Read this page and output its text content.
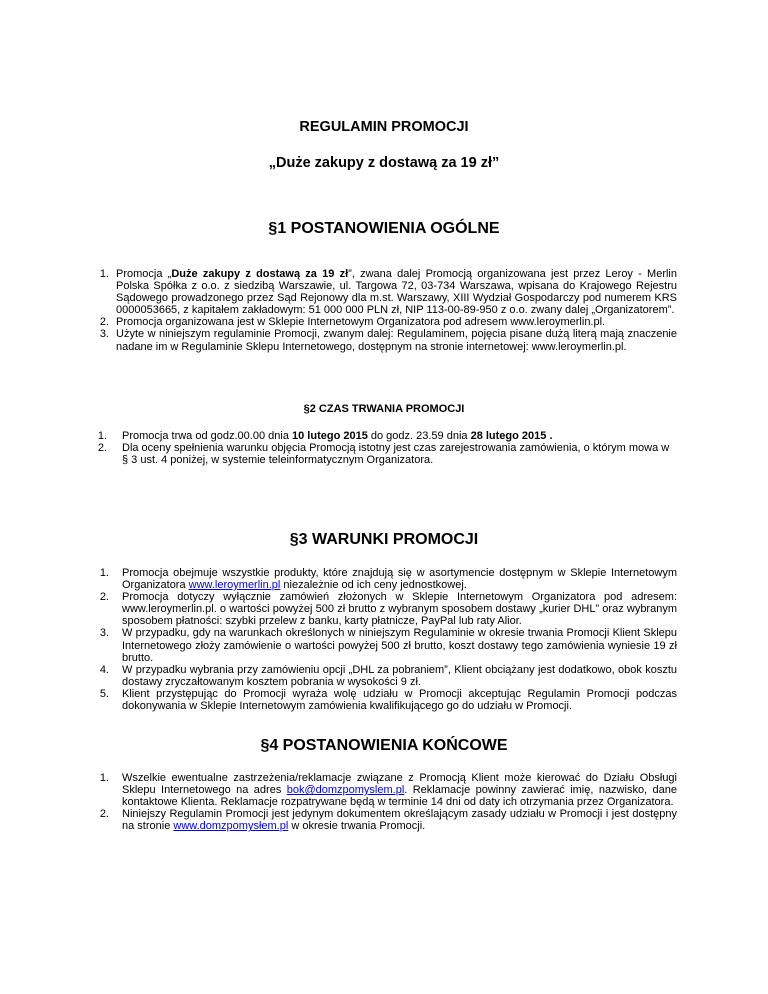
REGULAMIN PROMOCJI
„Duże zakupy z dostawą za 19 zł”
§1 POSTANOWIENIA OGÓLNE
1. Promocja „Duże zakupy z dostawą za 19 zł”, zwana dalej Promocją organizowana jest przez Leroy - Merlin Polska Spółka z o.o. z siedzibą Warszawie, ul. Targowa 72, 03-734 Warszawa, wpisana do Krajowego Rejestru Sądowego prowadzonego przez Sąd Rejonowy dla m.st. Warszawy, XIII Wydział Gospodarczy pod numerem KRS 0000053665, z kapitałem zakładowym: 51 000 000 PLN zł, NIP 113-00-89-950 z o.o. zwany dalej „Organizatorem”.
2. Promocja organizowana jest w Sklepie Internetowym Organizatora pod adresem www.leroymerlin.pl.
3. Użyte w niniejszym regulaminie Promocji, zwanym dalej: Regulaminem, pojęcia pisane dużą literą mają znaczenie nadane im w Regulaminie Sklepu Internetowego, dostępnym na stronie internetowej: www.leroymerlin.pl.
§2 CZAS TRWANIA PROMOCJI
1. Promocja trwa od godz.00.00 dnia 10 lutego 2015 do godz. 23.59 dnia 28 lutego 2015 .
2. Dla oceny spełnienia warunku objęcia Promocją istotny jest czas zarejestrowania zamówienia, o którym mowa w § 3 ust. 4 poniżej, w systemie teleinformatycznym Organizatora.
§3 WARUNKI PROMOCJI
1. Promocja obejmuje wszystkie produkty, które znajdują się w asortymencie dostępnym w Sklepie Internetowym Organizatora www.leroymerlin.pl niezależnie od ich ceny jednostkowej.
2. Promocja dotyczy wyłącznie zamówień złożonych w Sklepie Internetowym Organizatora pod adresem: www.leroymerlin.pl. o wartości powyżej 500 zł brutto z wybranym sposobem dostawy „kurier DHL” oraz wybranym sposobem płatności: szybki przelew z banku, karty płatnicze, PayPal lub raty Alior.
3. W przypadku, gdy na warunkach określonych w niniejszym Regulaminie w okresie trwania Promocji Klient Sklepu Internetowego złoży zamówienie o wartości powyżej 500 zł brutto, koszt dostawy tego zamówienia wyniesie 19 zł brutto.
4. W przypadku wybrania przy zamówieniu opcji „DHL za pobraniem”, Klient obciążany jest dodatkowo, obok kosztu dostawy zryczałtowanym kosztem pobrania w wysokości 9 zł.
5. Klient przystępując do Promocji wyraża wolę udziału w Promocji akceptując Regulamin Promocji podczas dokonywania w Sklepie Internetowym zamówienia kwalifikującego go do udziału w Promocji.
§4 POSTANOWIENIA KOŃCOWE
1. Wszelkie ewentualne zastrzeżenia/reklamacje związane z Promocją Klient może kierować do Działu Obsługi Sklepu Internetowego na adres bok@domzpomyslem.pl. Reklamacje powinny zawierać imię, nazwisko, dane kontaktowe Klienta. Reklamacje rozpatrywane będą w terminie 14 dni od daty ich otrzymania przez Organizatora.
2. Niniejszy Regulamin Promocji jest jedynym dokumentem określającym zasady udziału w Promocji i jest dostępny na stronie www.domzpomysłem.pl w okresie trwania Promocji.
